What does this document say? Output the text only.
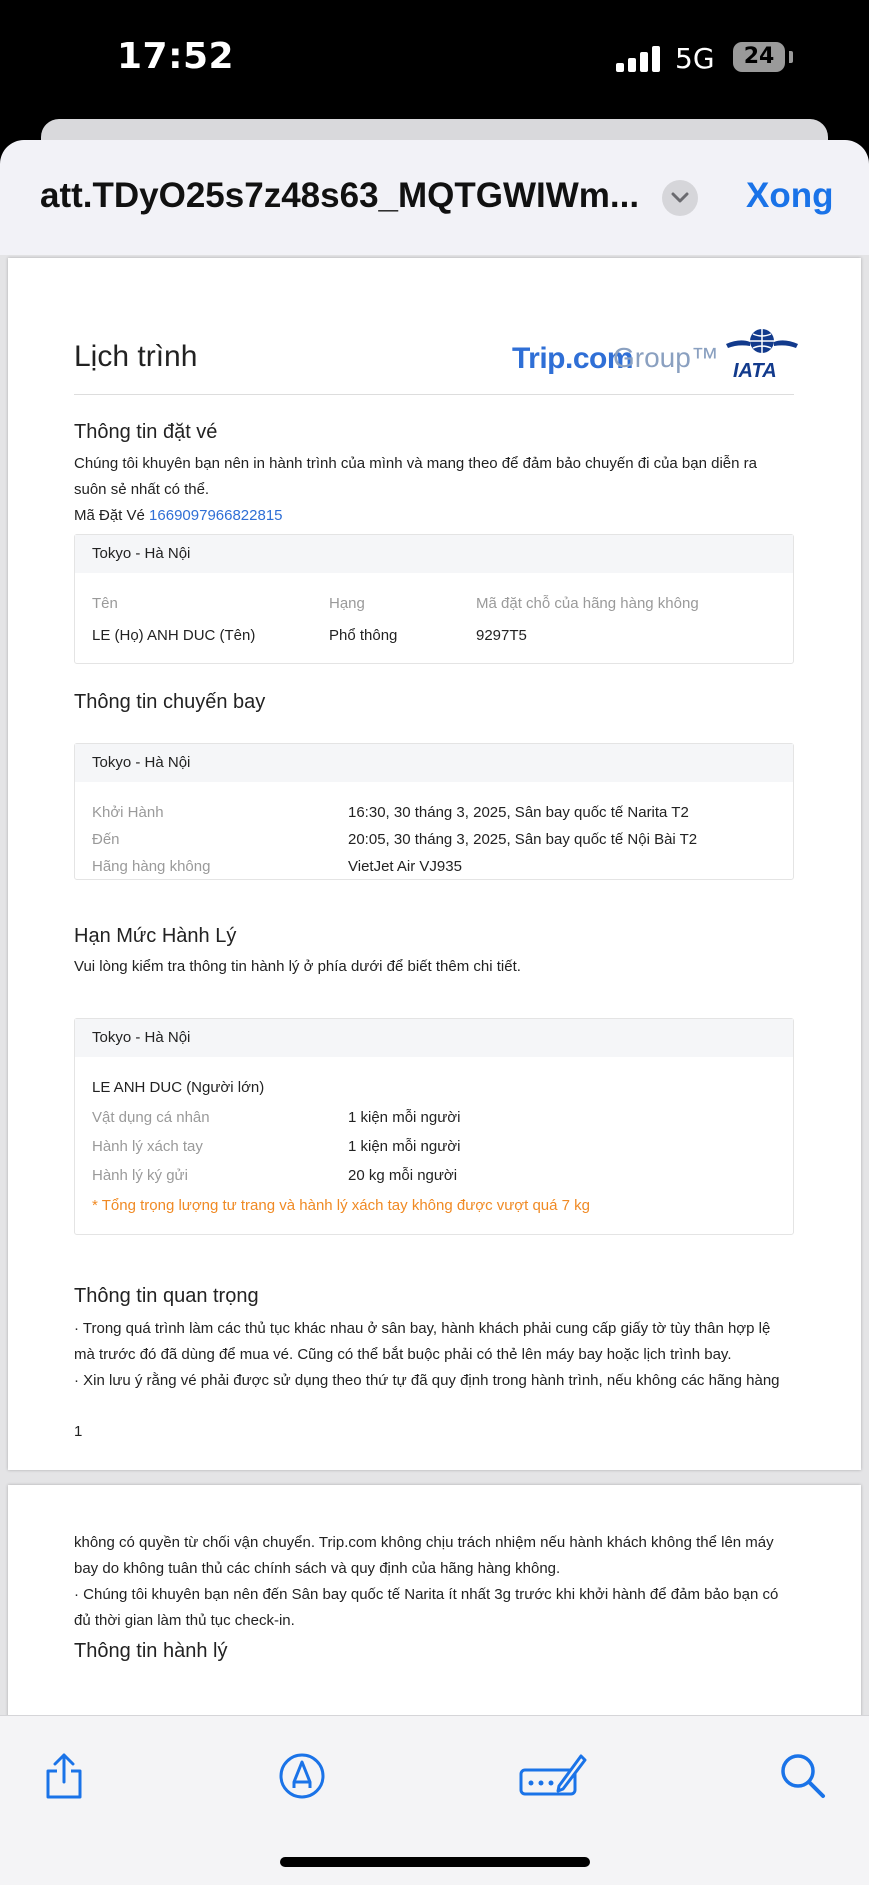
17:52	5G	24
att.TDyO25s7z48s63_MQTGWIWm...	Xong
Lịch trình	Trip.com
Group™ IATA
Thông tin đặt vé
Chúng tôi khuyên bạn nên in hành trình của mình và mang theo để đảm bảo chuyến đi của bạn diễn ra
suôn sẻ nhất có thể.
Mã Đặt Vé 1669097966822815
Tokyo - Hà Nội
Tên	Hạng	Mã đặt chỗ của hãng hàng không
LE (Họ) ANH DUC (Tên)	Phổ thông	9297T5
Thông tin chuyến bay
Tokyo - Hà Nội
Khởi Hành	16:30, 30 tháng 3, 2025, Sân bay quốc tế Narita T2
Đến	20:05, 30 tháng 3, 2025, Sân bay quốc tế Nội Bài T2
Hãng hàng không	VietJet Air VJ935
Hạn Mức Hành Lý
Vui lòng kiểm tra thông tin hành lý ở phía dưới để biết thêm chi tiết.
Tokyo - Hà Nội
LE ANH DUC (Người lớn)
Vật dụng cá nhân	1 kiện mỗi người
Hành lý xách tay	1 kiện mỗi người
Hành lý ký gửi	20 kg mỗi người
* Tổng trọng lượng tư trang và hành lý xách tay không được vượt quá 7 kg
Thông tin quan trọng
· Trong quá trình làm các thủ tục khác nhau ở sân bay, hành khách phải cung cấp giấy tờ tùy thân hợp lệ
mà trước đó đã dùng để mua vé. Cũng có thể bắt buộc phải có thẻ lên máy bay hoặc lịch trình bay.
· Xin lưu ý rằng vé phải được sử dụng theo thứ tự đã quy định trong hành trình, nếu không các hãng hàng
1
không có quyền từ chối vận chuyển. Trip.com không chịu trách nhiệm nếu hành khách không thể lên máy
bay do không tuân thủ các chính sách và quy định của hãng hàng không.
· Chúng tôi khuyên bạn nên đến Sân bay quốc tế Narita ít nhất 3g trước khi khởi hành để đảm bảo bạn có
đủ thời gian làm thủ tục check-in.
Thông tin hành lý
